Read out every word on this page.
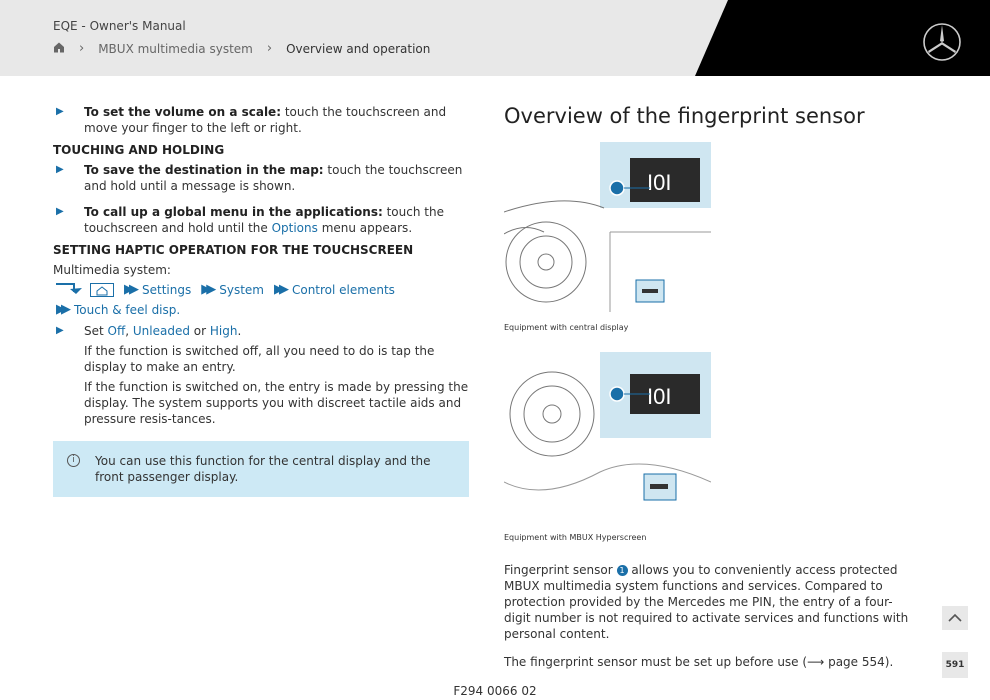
EQE - Owner's Manual
› MBUX multimedia system › Overview and operation
▶ To set the volume on a scale: touch the touchscreen and move your finger to the left or right.
TOUCHING AND HOLDING
▶ To save the destination in the map: touch the touchscreen and hold until a message is shown.
▶ To call up a global menu in the applications: touch the touchscreen and hold until the Options menu appears.
SETTING HAPTIC OPERATION FOR THE TOUCHSCREEN
Multimedia system:
▶▶ Settings ▶▶ System ▶▶ Control elements
▶▶ Touch & feel disp.
▶ Set Off, Unleaded or High.
If the function is switched off, all you need to do is tap the display to make an entry.
If the function is switched on, the entry is made by pressing the display. The system supports you with discreet tactile aids and pressure resis-tances.
i	You can use this function for the central display and the front passenger display.
Overview of the fingerprint sensor
I0I
Equipment with central display
I0I
Equipment with MBUX Hyperscreen
Fingerprint sensor 1 allows you to conveniently access protected MBUX multimedia system functions and services. Compared to protection provided by the Mercedes me PIN, the entry of a four-digit number is not required to activate services and functions with personal content.
The fingerprint sensor must be set up before use (⟶ page 554).	591
F294 0066 02
